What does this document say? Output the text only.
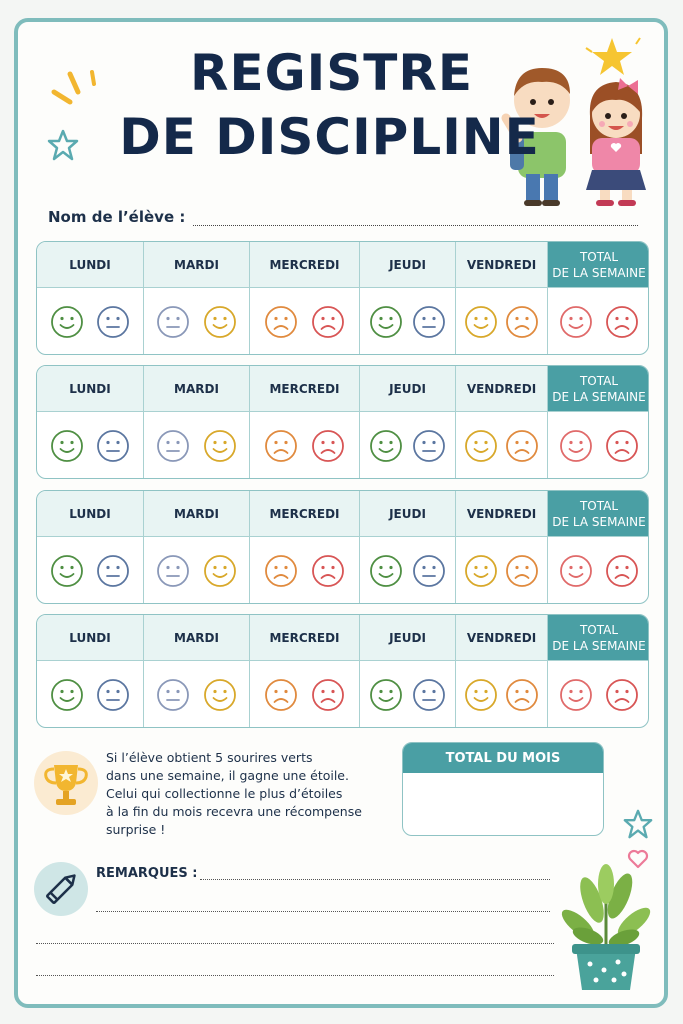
REGISTRE
DE DISCIPLINE
Nom de l’élève :
LUNDI	MARDI	MERCREDI	JEUDI	VENDREDI
TOTAL
DE LA SEMAINE
LUNDI	MARDI	MERCREDI	JEUDI	VENDREDI
TOTAL
DE LA SEMAINE
LUNDI	MARDI	MERCREDI	JEUDI	VENDREDI
TOTAL
DE LA SEMAINE
LUNDI	MARDI	MERCREDI	JEUDI	VENDREDI
TOTAL
DE LA SEMAINE
Si l’élève obtient 5 sourires verts
dans une semaine, il gagne une étoile.
Celui qui collectionne le plus d’étoiles
à la fin du mois recevra une récompense
surprise !
TOTAL DU MOIS
REMARQUES :
